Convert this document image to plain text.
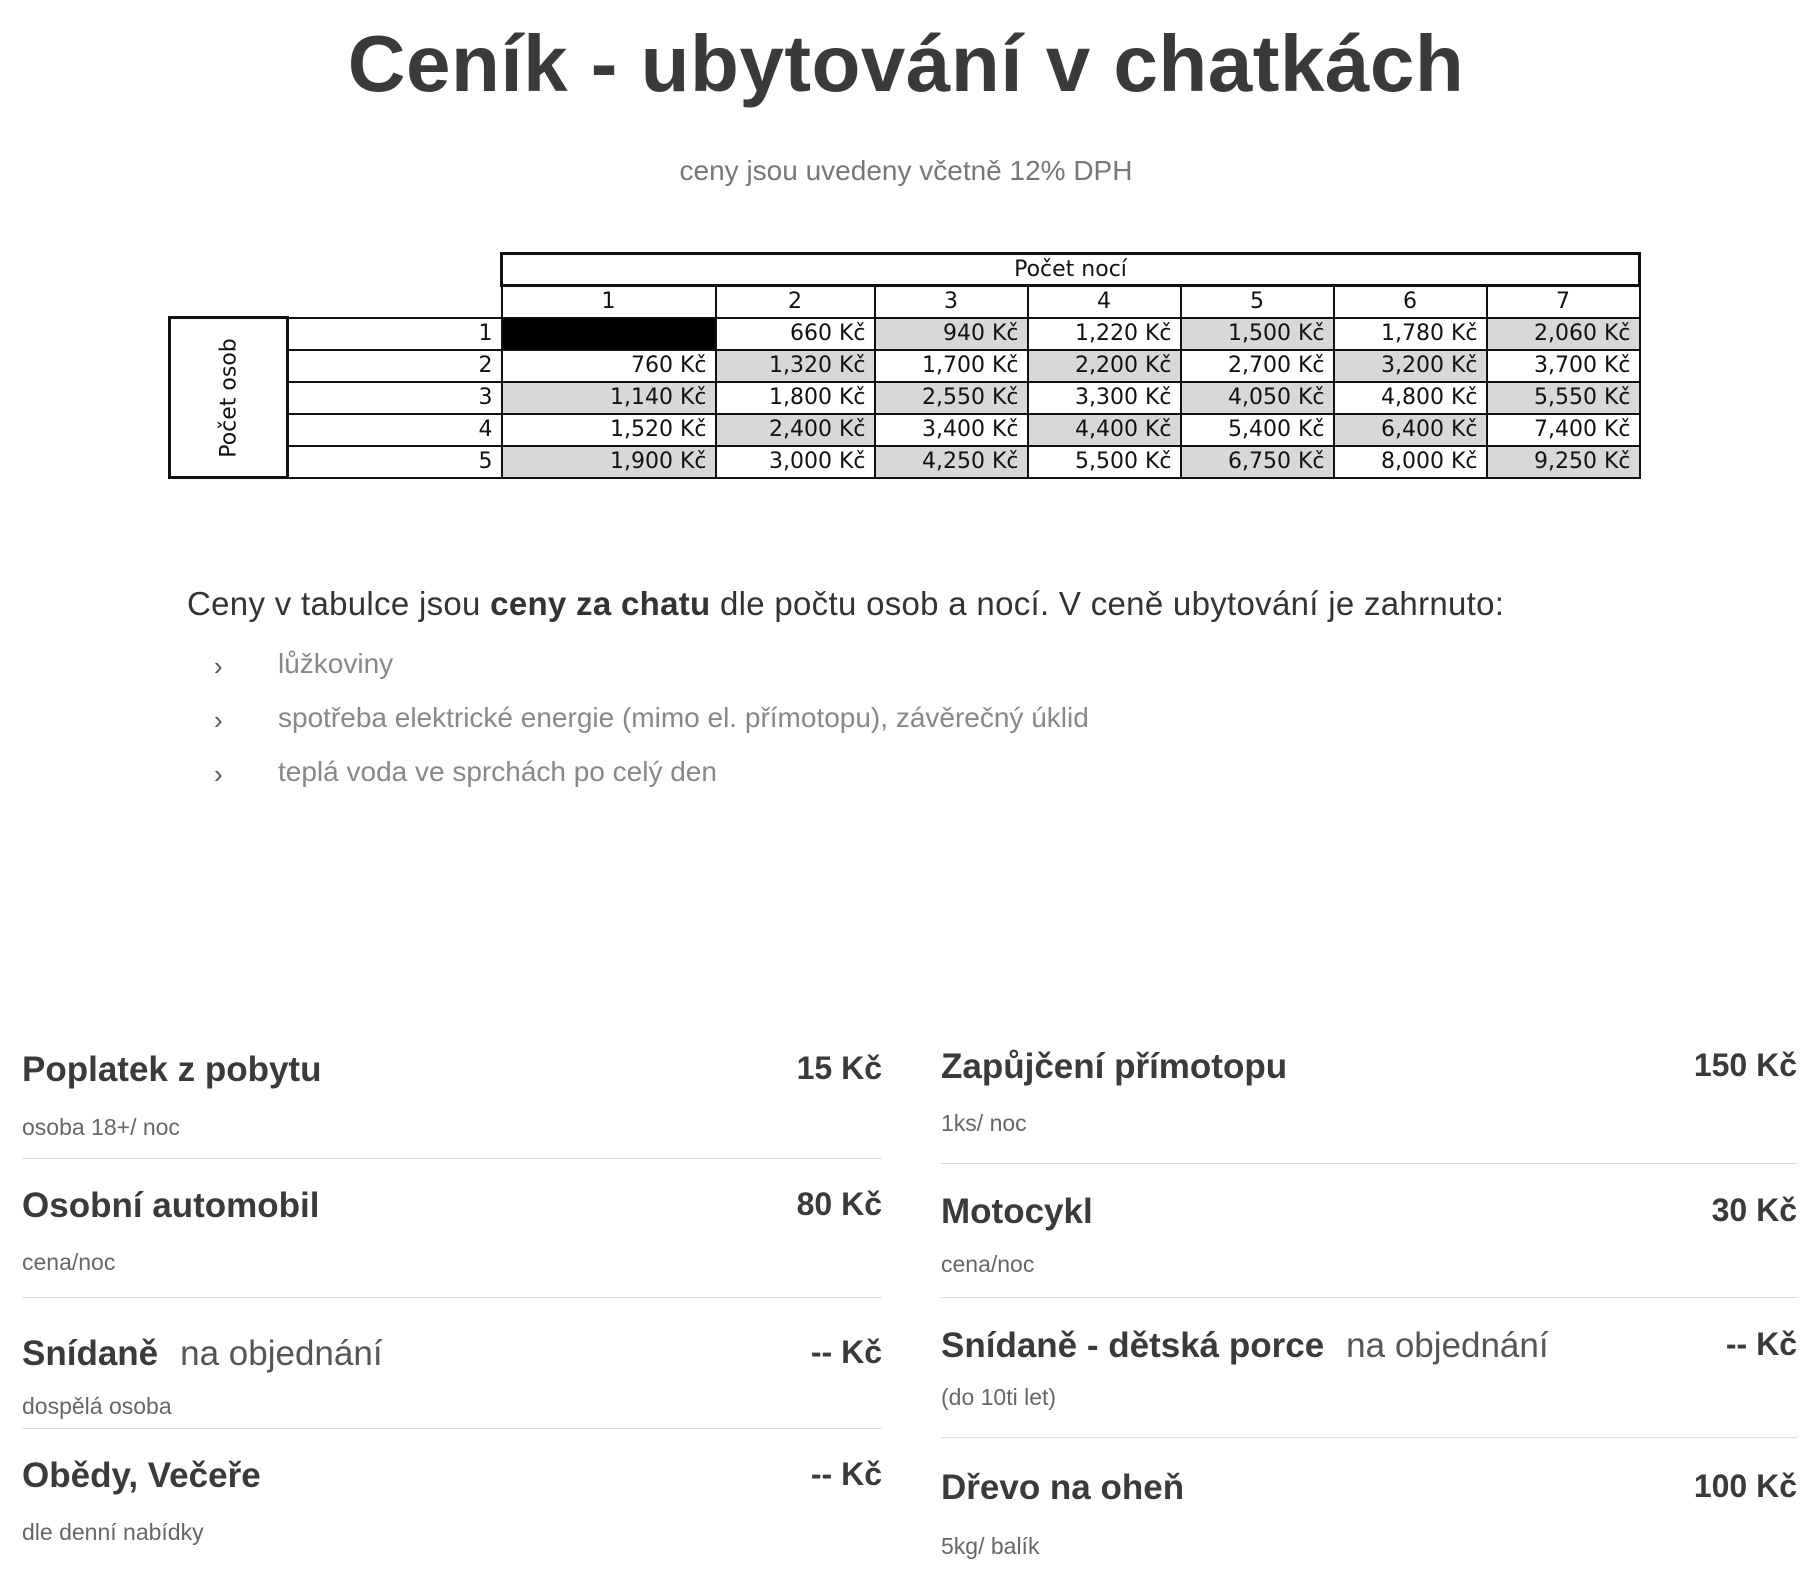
Ceník - ubytování v chatkách
ceny jsou uvedeny včetně 12% DPH
		Počet nocí						
		1	2	3	4	5	6	7

Počet osob	1		660 Kč	940 Kč	1,220 Kč	1,500 Kč	1,780 Kč	2,060 Kč
	2	760 Kč	1,320 Kč	1,700 Kč	2,200 Kč	2,700 Kč	3,200 Kč	3,700 Kč
	3	1,140 Kč	1,800 Kč	2,550 Kč	3,300 Kč	4,050 Kč	4,800 Kč	5,550 Kč
	4	1,520 Kč	2,400 Kč	3,400 Kč	4,400 Kč	5,400 Kč	6,400 Kč	7,400 Kč
	5	1,900 Kč	3,000 Kč	4,250 Kč	5,500 Kč	6,750 Kč	8,000 Kč	9,250 Kč
Ceny v tabulce jsou ceny za chatu dle počtu osob a nocí. V ceně ubytování je zahrnuto:
› lůžkoviny
› spotřeba elektrické energie (mimo el. přímotopu), závěrečný úklid
› teplá voda ve sprchách po celý den
Poplatek z pobytu	15 Kč
osoba 18+/ noc
Osobní automobil	80 Kč
cena/noc
Snídaně na objednání	-- Kč
dospělá osoba
Obědy, Večeře	-- Kč
dle denní nabídky
Zapůjčení přímotopu	150 Kč
1ks/ noc
Motocykl	30 Kč
cena/noc
Snídaně - dětská porce na objednání	-- Kč
(do 10ti let)
Dřevo na oheň	100 Kč
5kg/ balík
